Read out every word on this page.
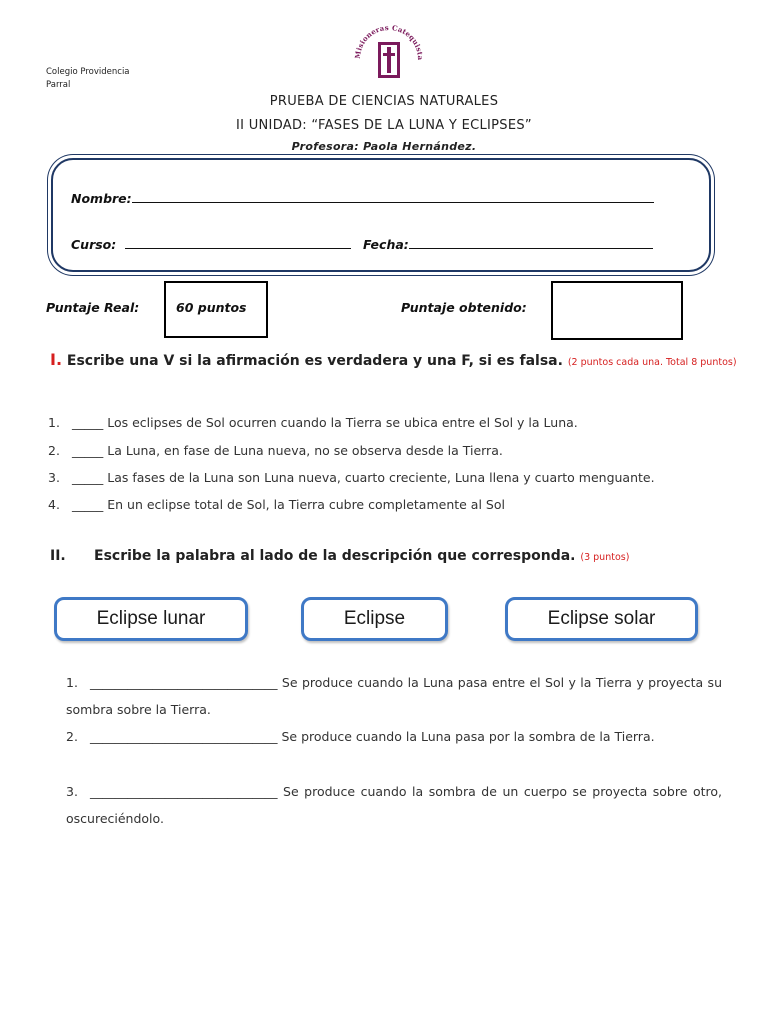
Colegio Providencia
Parral
Misioneras Catequista
PRUEBA DE CIENCIAS NATURALES
II UNIDAD: “FASES DE LA LUNA Y ECLIPSES”
Profesora: Paola Hernández.
Nombre:
Curso:	Fecha:
Puntaje Real:	60 puntos	Puntaje obtenido:
I. Escribe una V si la afirmación es verdadera y una F, si es falsa. (2 puntos cada una. Total 8 puntos)
1. _____ Los eclipses de Sol ocurren cuando la Tierra se ubica entre el Sol y la Luna.
2. _____ La Luna, en fase de Luna nueva, no se observa desde la Tierra.
3. _____ Las fases de la Luna son Luna nueva, cuarto creciente, Luna llena y cuarto menguante.
4. _____ En un eclipse total de Sol, la Tierra cubre completamente al Sol
II. Escribe la palabra al lado de la descripción que corresponda. (3 puntos)
Eclipse lunar	Eclipse	Eclipse solar
1. ______________________________ Se produce cuando la Luna pasa entre el Sol y la Tierra y proyecta su sombra sobre la Tierra.
2. ______________________________ Se produce cuando la Luna pasa por la sombra de la Tierra.
3. ______________________________ Se produce cuando la sombra de un cuerpo se proyecta sobre otro, oscureciéndolo.
